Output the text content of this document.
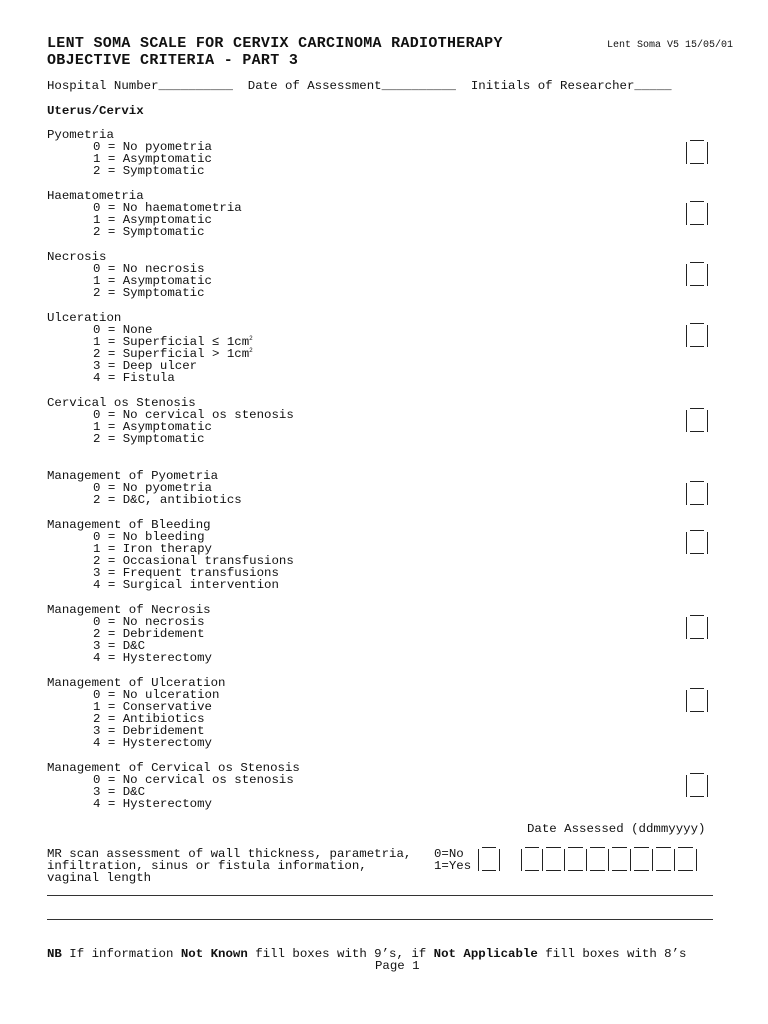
LENT SOMA SCALE FOR CERVIX CARCINOMA RADIOTHERAPY
OBJECTIVE CRITERIA - PART 3
Lent Soma V5 15/05/01
Hospital Number__________  Date of Assessment__________  Initials of Researcher_____
Uterus/Cervix
Pyometria
0 = No pyometria
1 = Asymptomatic
2 = Symptomatic
Haematometria
0 = No haematometria
1 = Asymptomatic
2 = Symptomatic
Necrosis
0 = No necrosis
1 = Asymptomatic
2 = Symptomatic
Ulceration
0 = None
1 = Superficial ≤ $1cm^2$
2 = Superficial > $1cm^2$
3 = Deep ulcer
4 = Fistula
Cervical os Stenosis
0 = No cervical os stenosis
1 = Asymptomatic
2 = Symptomatic
Management of Pyometria
0 = No pyometria
2 = D&C, antibiotics
Management of Bleeding
0 = No bleeding
1 = Iron therapy
2 = Occasional transfusions
3 = Frequent transfusions
4 = Surgical intervention
Management of Necrosis
0 = No necrosis
2 = Debridement
3 = D&C
4 = Hysterectomy
Management of Ulceration
0 = No ulceration
1 = Conservative
2 = Antibiotics
3 = Debridement
4 = Hysterectomy
Management of Cervical os Stenosis
0 = No cervical os stenosis
3 = D&C
4 = Hysterectomy
Date Assessed (ddmmyyyy)
MR scan assessment of wall thickness, parametria,
infiltration, sinus or fistula information,
vaginal length
0=No
1=Yes
NB If information Not Known fill boxes with 9’s, if Not Applicable fill boxes with 8’s
Page 1
